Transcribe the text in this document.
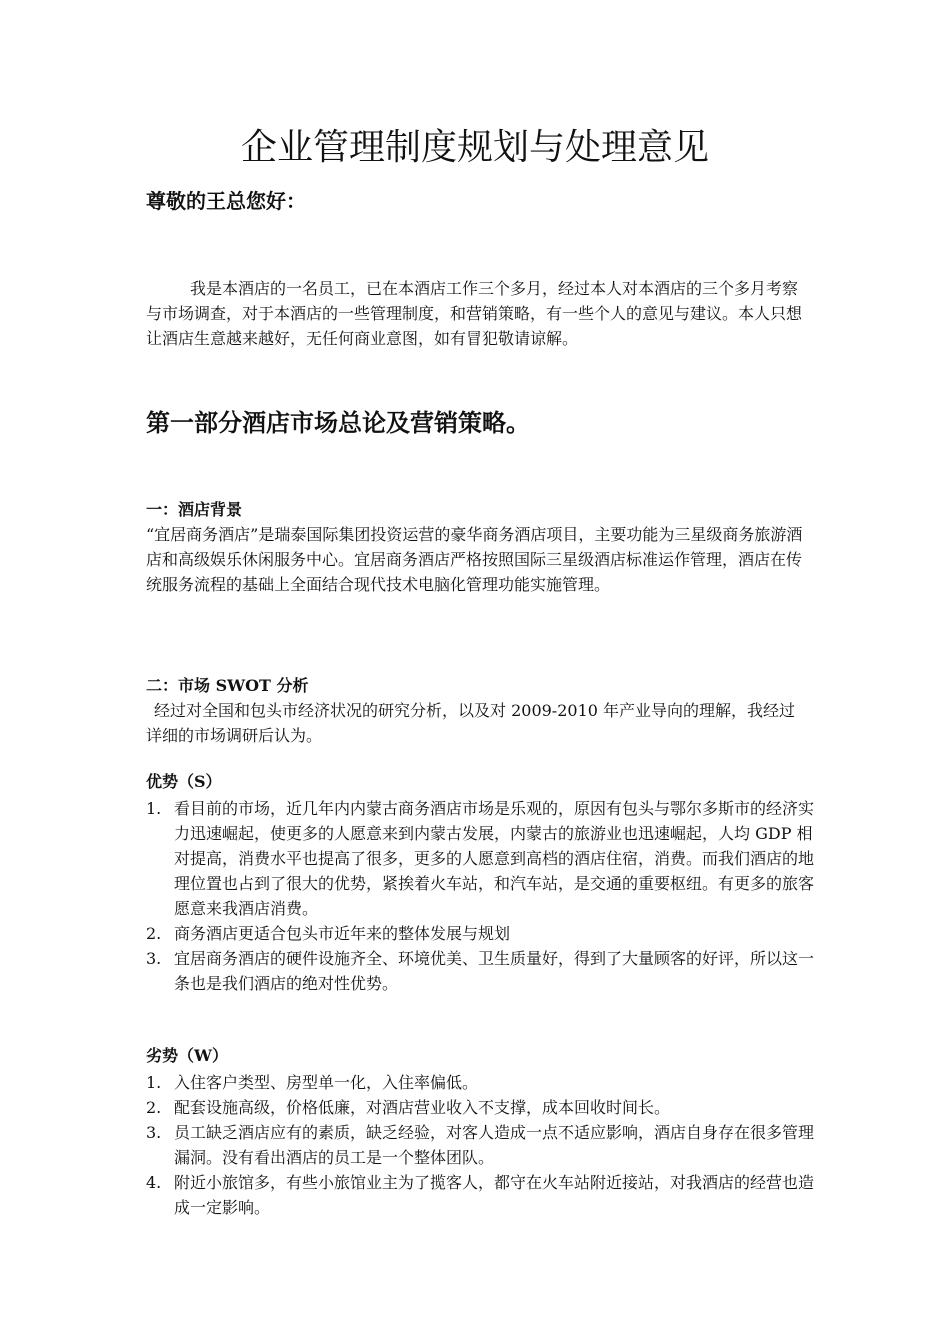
企业管理制度规划与处理意见
尊敬的王总您好：

我是本酒店的一名员工，已在本酒店工作三个多月，经过本人对本酒店的三个多月考察与市场调查，对于本酒店的一些管理制度，和营销策略，有一些个人的意见与建议。本人只想让酒店生意越来越好，无任何商业意图，如有冒犯敬请谅解。

第一部分酒店市场总论及营销策略。
一：酒店背景

“宜居商务酒店”是瑞泰国际集团投资运营的豪华商务酒店项目，主要功能为三星级商务旅游酒店和高级娱乐休闲服务中心。宜居商务酒店严格按照国际三星级酒店标准运作管理，酒店在传统服务流程的基础上全面结合现代技术电脑化管理功能实施管理。

二：市场 SWOT 分析

经过对全国和包头市经济状况的研究分析，以及对 2009-2010 年产业导向的理解，我经过详细的市场调研后认为。

优势（S）
1. 看目前的市场，近几年内内蒙古商务酒店市场是乐观的，原因有包头与鄂尔多斯市的经济实力迅速崛起，使更多的人愿意来到内蒙古发展，内蒙古的旅游业也迅速崛起，人均 GDP 相对提高，消费水平也提高了很多，更多的人愿意到高档的酒店住宿，消费。而我们酒店的地理位置也占到了很大的优势，紧挨着火车站，和汽车站，是交通的重要枢纽。有更多的旅客愿意来我酒店消费。
2. 商务酒店更适合包头市近年来的整体发展与规划
3. 宜居商务酒店的硬件设施齐全、环境优美、卫生质量好，得到了大量顾客的好评，所以这一条也是我们酒店的绝对性优势。
劣势（W）
1. 入住客户类型、房型单一化，入住率偏低。
2. 配套设施高级，价格低廉，对酒店营业收入不支撑，成本回收时间长。
3. 员工缺乏酒店应有的素质，缺乏经验，对客人造成一点不适应影响，酒店自身存在很多管理漏洞。没有看出酒店的员工是一个整体团队。
4. 附近小旅馆多，有些小旅馆业主为了揽客人，都守在火车站附近接站，对我酒店的经营也造成一定影响。
